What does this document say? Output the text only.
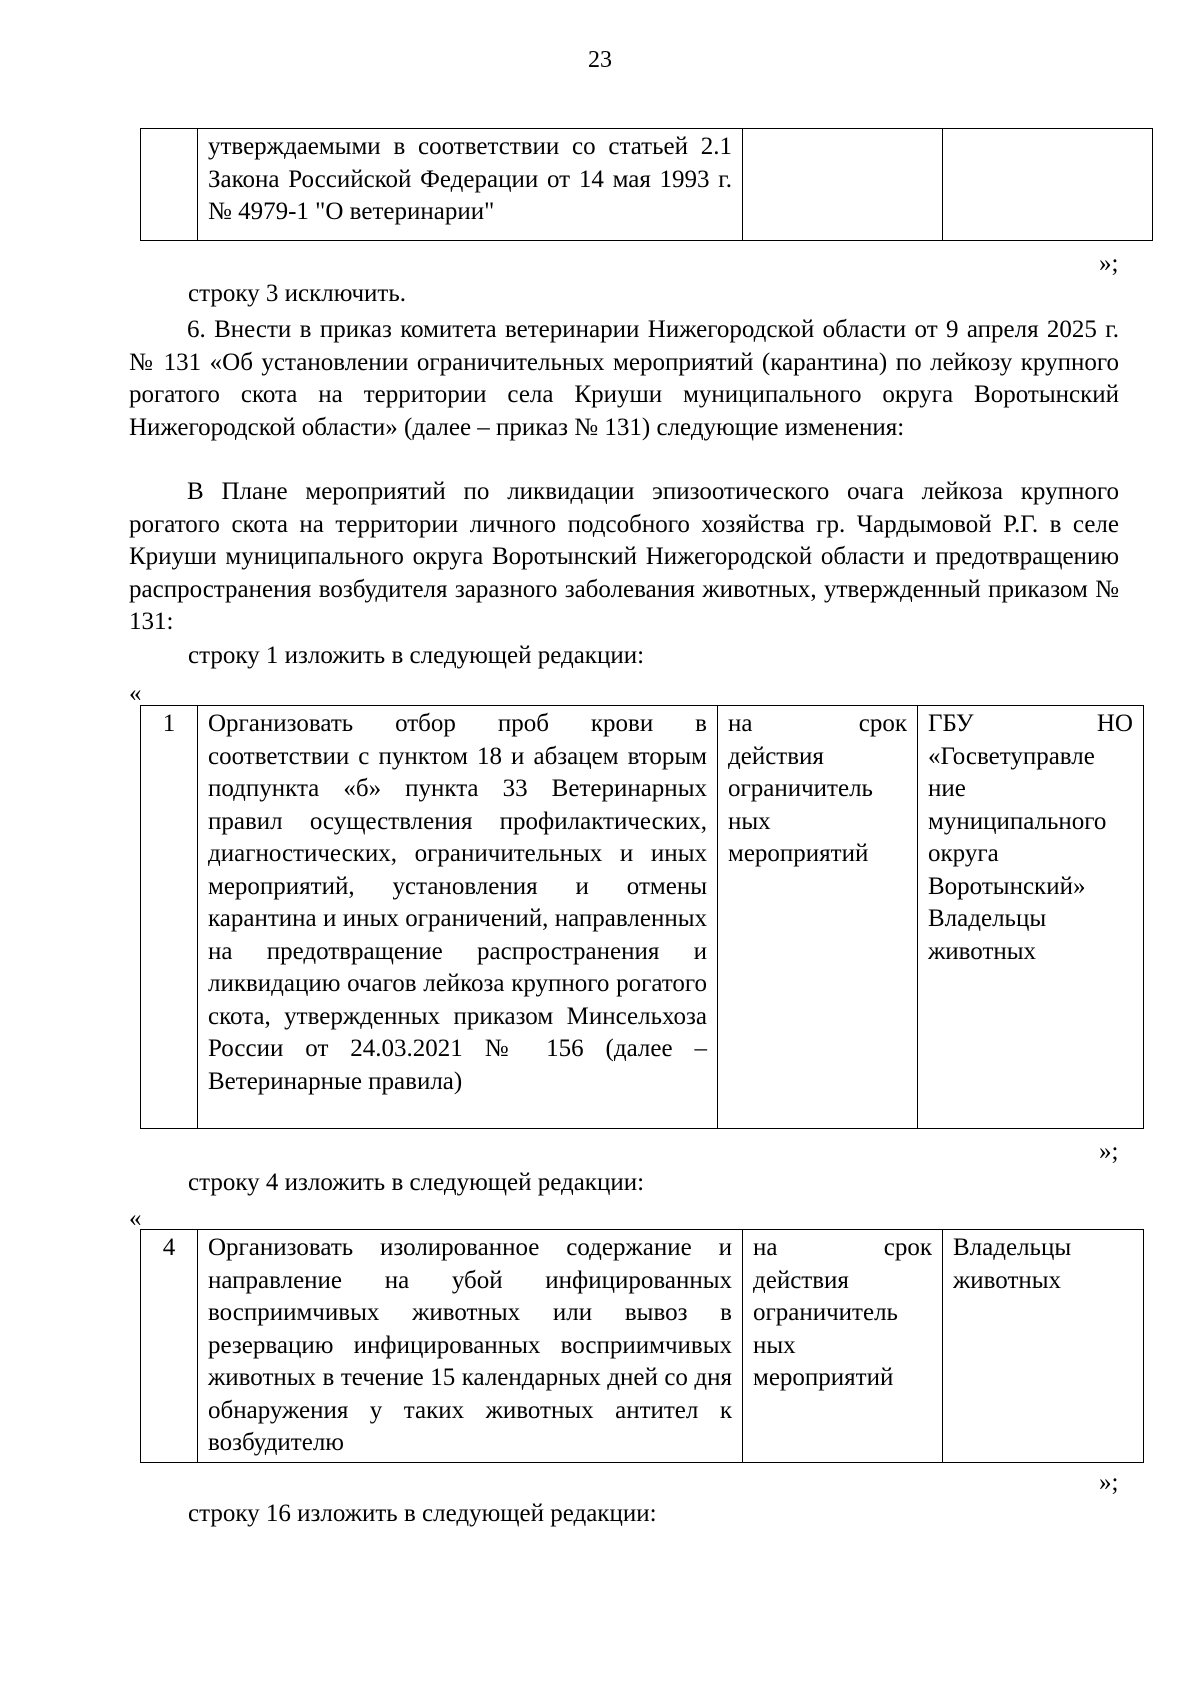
23
	утверждаемыми в соответствии со статьей 2.1 Закона Российской Федерации от 14 мая 1993 г. № 4979-1 "О ветеринарии"		
»;
строку 3 исключить.
6. Внести в приказ комитета ветеринарии Нижегородской области от 9 апреля 2025 г. № 131 «Об установлении ограничительных мероприятий (карантина) по лейкозу крупного рогатого скота на территории села Криуши муниципального округа Воротынский Нижегородской области» (далее – приказ № 131) следующие изменения:
В Плане мероприятий по ликвидации эпизоотического очага лейкоза крупного рогатого скота на территории личного подсобного хозяйства гр. Чардымовой Р.Г. в селе Криуши муниципального округа Воротынский Нижегородской области и предотвращению распространения возбудителя заразного заболевания животных, утвержденный приказом № 131:
строку 1 изложить в следующей редакции:
«
1	Организовать отбор проб крови в соответствии с пунктом 18 и абзацем вторым подпункта «б» пункта 33 Ветеринарных правил осуществления профилактических, диагностических, ограничительных и иных мероприятий, установления и отмены карантина и иных ограничений, направленных на предотвращение распространения и ликвидацию очагов лейкоза крупного рогатого скота, утвержденных приказом Минсельхоза России от 24.03.2021 № 156 (далее – Ветеринарные правила)	на срок действия ограничитель ных мероприятий	ГБУ НО «Госветуправле ние муниципального округа Воротынский» Владельцы животных
»;
строку 4 изложить в следующей редакции:
«
4	Организовать изолированное содержание и направление на убой инфицированных восприимчивых животных или вывоз в резервацию инфицированных восприимчивых животных в течение 15 календарных дней со дня обнаружения у таких животных антител к возбудителю	на срок действия ограничитель ных мероприятий	Владельцы животных
»;
строку 16 изложить в следующей редакции:
